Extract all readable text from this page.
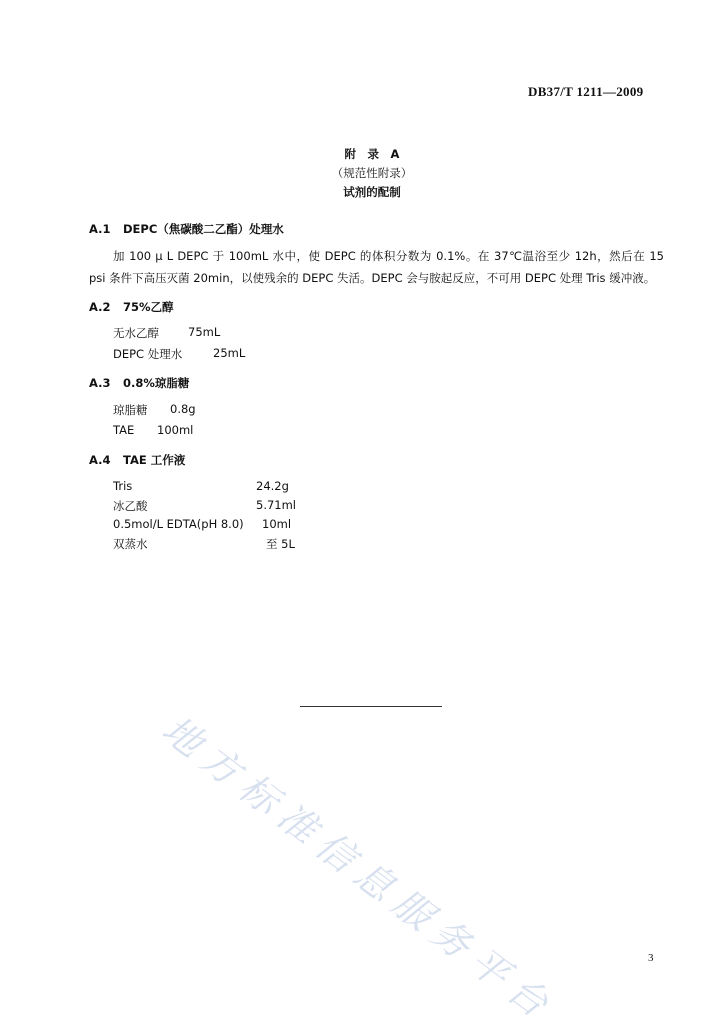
DB37/T 1211—2009
附　录　A
（规范性附录）
试剂的配制
A.1 DEPC（焦碳酸二乙酯）处理水
加 100 μ L DEPC 于 100mL 水中，使 DEPC 的体积分数为 0.1%。在 37℃温浴至少 12h，然后在 15 psi 条件下高压灭菌 20min，以使残余的 DEPC 失活。DEPC 会与胺起反应，不可用 DEPC 处理 Tris 缓冲液。
A.2 75%乙醇
无水乙醇	75mL
DEPC 处理水	25mL
A.3 0.8%琼脂糖
琼脂糖 0.8g
TAE 100ml
A.4 TAE 工作液
Tris	24.2g
冰乙酸	5.71ml
0.5mol/L EDTA(pH 8.0) 10ml
双蒸水	至 5L
地方标准信息服务平台	3
